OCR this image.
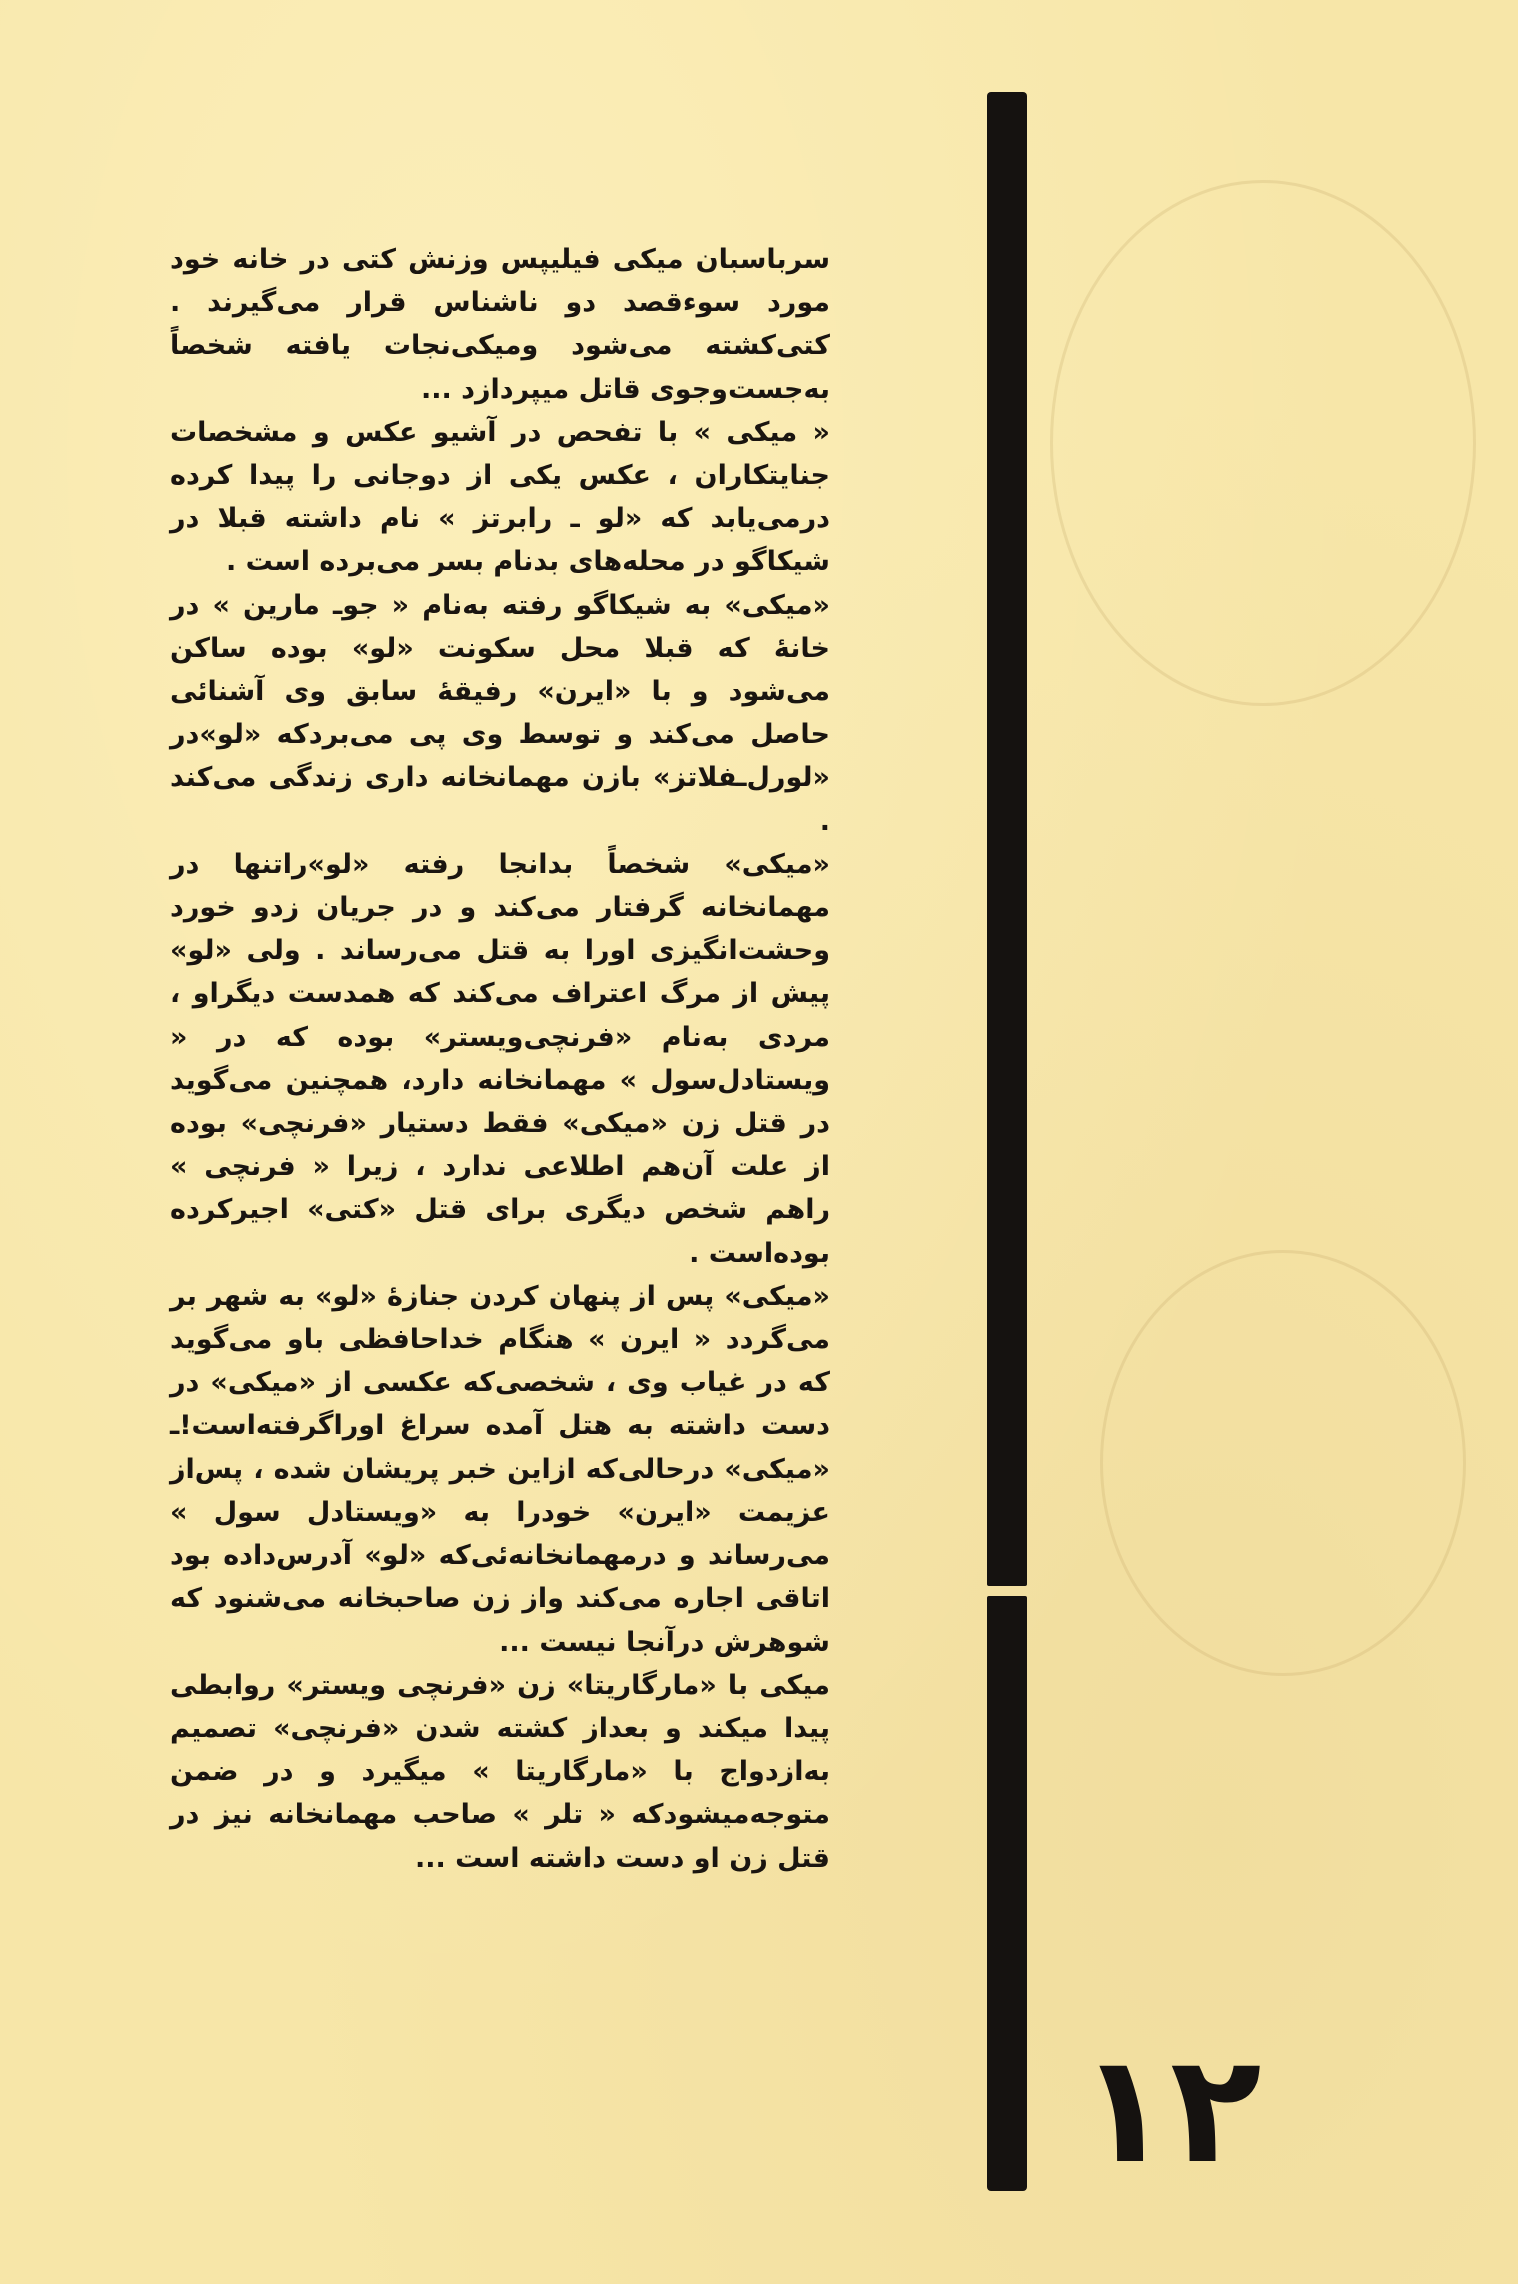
سرباسبان میکی فیلیپس وزنش کتی در خانه خود مورد سوءقصد دو ناشناس قرار می‌گیرند . کتی‌کشته می‌شود ومیکی‌نجات یافته شخصاً به‌جست‌وجوی قاتل میپردازد ...

« میکی » با تفحص در آشیو عکس و مشخصات جنایتکاران ، عکس یکی از دوجانی را پیدا کرده درمی‌یابد که «لو ـ رابرتز » نام داشته قبلا در شیکاگو در محله‌های بدنام بسر می‌برده است .

«میکی» به شیکاگو رفته به‌نام « جوـ مارین » در خانهٔ که قبلا محل سکونت «لو» بوده ساکن می‌شود و با «ایرن» رفیقهٔ سابق وی آشنائی حاصل می‌کند و توسط وی پی می‌بردکه «لو»در «لورل‌ـفلاتز» بازن مهمانخانه داری زندگی می‌کند .

«میکی» شخصاً بدانجا رفته «لو»راتنها در مهمانخانه گرفتار می‌کند و در جریان زدو خورد وحشت‌انگیزی اورا به قتل می‌رساند . ولی «لو» پیش از مرگ اعتراف می‌کند که همدست دیگراو ، مردی به‌نام «فرنچی‌ویستر» بوده که در « ویستادل‌سول » مهمانخانه دارد، همچنین می‌گوید در قتل زن «میکی» فقط دستیار «فرنچی» بوده از علت آن‌هم اطلاعی ندارد ، زیرا « فرنچی » راهم شخص دیگری برای قتل «کتی» اجیرکرده بوده‌است .

«میکی» پس از پنهان کردن جنازهٔ «لو» به شهر بر می‌گردد « ایرن » هنگام خداحافظی باو می‌گوید که در غیاب وی ، شخصی‌که عکسی از «میکی» در دست داشته به هتل آمده سراغ اوراگرفته‌است!ـ «میکی» درحالی‌که ازاین خبر پریشان شده ، پس‌از عزیمت «ایرن» خودرا به «ویستادل سول » می‌رساند و درمهمانخانه‌ئی‌که «لو» آدرس‌داده بود اتاقی اجاره می‌کند واز زن صاحبخانه می‌شنود که شوهرش درآنجا نیست ...

میکی با «مارگاریتا» زن «فرنچی ویستر» روابطی پیدا میکند و بعداز کشته شدن «فرنچی» تصمیم به‌ازدواج با «مارگاریتا » میگیرد و در ضمن متوجه‌میشودکه « تلر » صاحب مهمانخانه نیز در قتل زن او دست داشته است ...

۱۲
